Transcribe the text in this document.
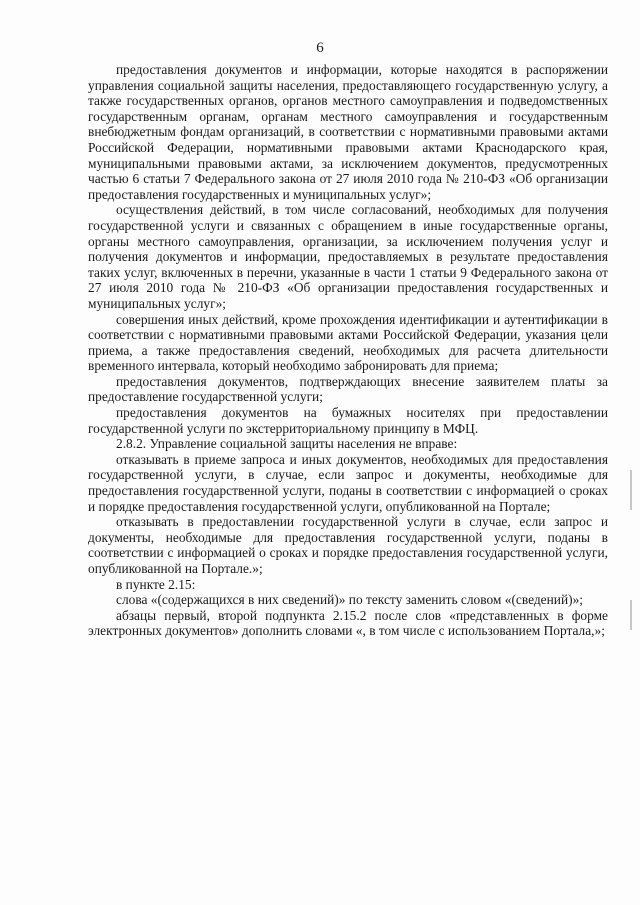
6

предоставления документов и информации, которые находятся в распоряжении управления социальной защиты населения, предоставляющего государственную услугу, а также государственных органов, органов местного самоуправления и подведомственных государственным органам, органам местного самоуправления и государственным внебюджетным фондам организаций, в соответствии с нормативными правовыми актами Российской Федерации, нормативными правовыми актами Краснодарского края, муниципальными правовыми актами, за исключением документов, предусмотренных частью 6 статьи 7 Федерального закона от 27 июля 2010 года № 210-ФЗ «Об организации предоставления государственных и муниципальных услуг»;

осуществления действий, в том числе согласований, необходимых для получения государственной услуги и связанных с обращением в иные государственные органы, органы местного самоуправления, организации, за исключением получения услуг и получения документов и информации, предоставляемых в результате предоставления таких услуг, включенных в перечни, указанные в части 1 статьи 9 Федерального закона от 27 июля 2010 года № 210-ФЗ «Об организации предоставления государственных и муниципальных услуг»;

совершения иных действий, кроме прохождения идентификации и аутентификации в соответствии с нормативными правовыми актами Российской Федерации, указания цели приема, а также предоставления сведений, необходимых для расчета длительности временного интервала, который необходимо забронировать для приема;

предоставления документов, подтверждающих внесение заявителем платы за предоставление государственной услуги;

предоставления документов на бумажных носителях при предоставлении государственной услуги по экстерриториальному принципу в МФЦ.

2.8.2. Управление социальной защиты населения не вправе:

отказывать в приеме запроса и иных документов, необходимых для предоставления государственной услуги, в случае, если запрос и документы, необходимые для предоставления государственной услуги, поданы в соответствии с информацией о сроках и порядке предоставления государственной услуги, опубликованной на Портале;

отказывать в предоставлении государственной услуги в случае, если запрос и документы, необходимые для предоставления государственной услуги, поданы в соответствии с информацией о сроках и порядке предоставления государственной услуги, опубликованной на Портале.»;

в пункте 2.15:

слова «(содержащихся в них сведений)» по тексту заменить словом «(сведений)»;

абзацы первый, второй подпункта 2.15.2 после слов «представленных в форме электронных документов» дополнить словами «, в том числе с использованием Портала,»;
